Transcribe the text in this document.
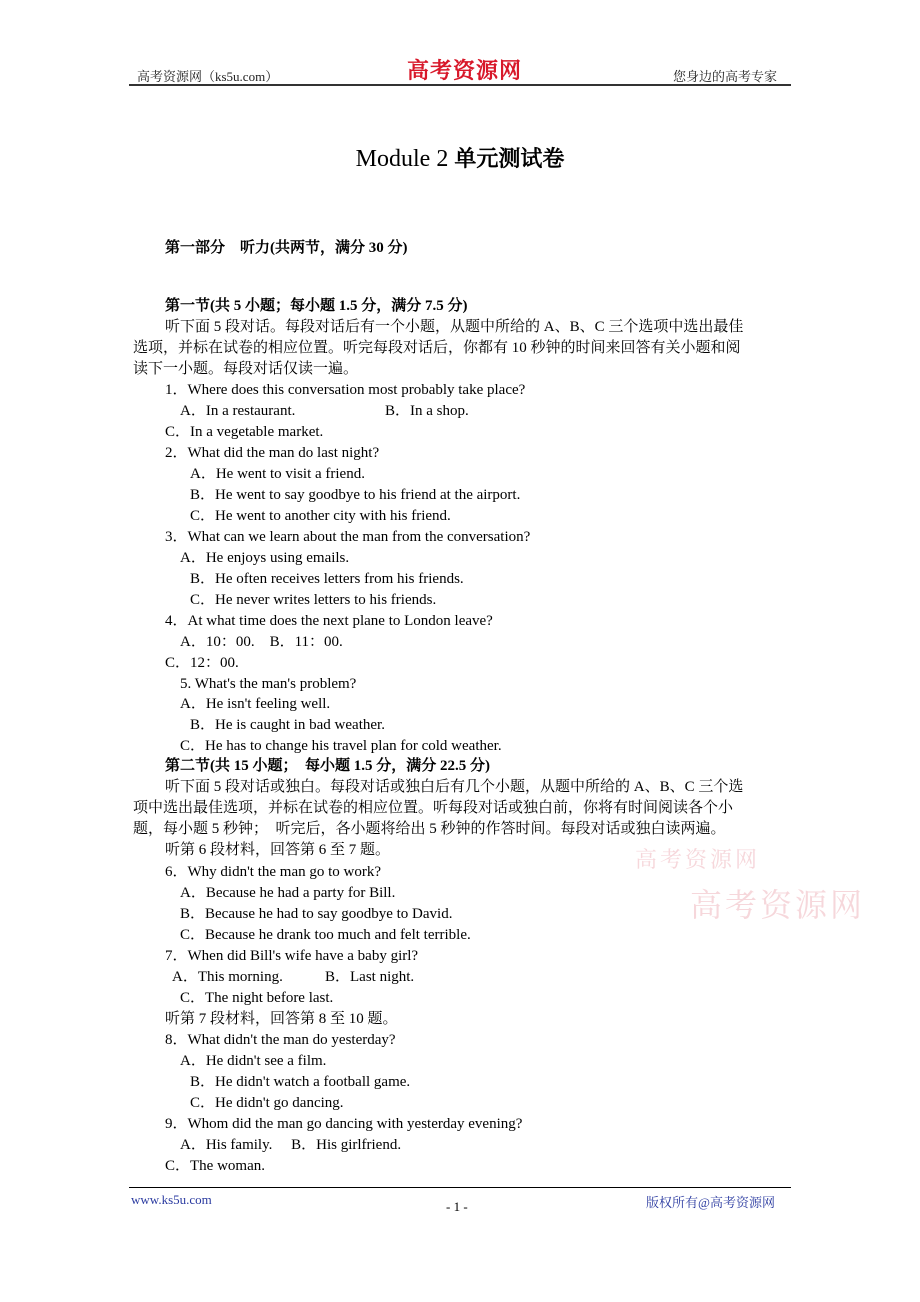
高考资源网（ks5u.com）	高考资源网	您身边的高考专家
Module 2 单元测试卷
第一部分　听力(共两节，满分 30 分)
第一节(共 5 小题；每小题 1.5 分，满分 7.5 分)
听下面 5 段对话。每段对话后有一个小题，从题中所给的 A、B、C 三个选项中选出最佳
选项，并标在试卷的相应位置。听完每段对话后，你都有 10 秒钟的时间来回答有关小题和阅
读下一小题。每段对话仅读一遍。
1．Where does this conversation most probably take place?
A．In a restaurant.	B．In a shop.
C．In a vegetable market.
2．What did the man do last night?
A．He went to visit a friend.
B．He went to say goodbye to his friend at the airport.
C．He went to another city with his friend.
3．What can we learn about the man from the conversation?
A．He enjoys using emails.
B．He often receives letters from his friends.
C．He never writes letters to his friends.
4．At what time does the next plane to London leave?
A．10：00.　B．11：00.
C．12：00.
5. What's the man's problem?
A．He isn't feeling well.
B．He is caught in bad weather.
C．He has to change his travel plan for cold weather.
第二节(共 15 小题；　每小题 1.5 分，满分 22.5 分)
听下面 5 段对话或独白。每段对话或独白后有几个小题，从题中所给的 A、B、C 三个选
项中选出最佳选项，并标在试卷的相应位置。听每段对话或独白前，你将有时间阅读各个小
题，每小题 5 秒钟；　听完后，各小题将给出 5 秒钟的作答时间。每段对话或独白读两遍。
听第 6 段材料，回答第 6 至 7 题。
6．Why didn't the man go to work?
A．Because he had a party for Bill.
B．Because he had to say goodbye to David.
C．Because he drank too much and felt terrible.
7．When did Bill's wife have a baby girl?
A．This morning.	B．Last night.
C．The night before last.
听第 7 段材料，回答第 8 至 10 题。
8．What didn't the man do yesterday?
A．He didn't see a film.
B．He didn't watch a football game.
C．He didn't go dancing.
9．Whom did the man go dancing with yesterday evening?
A．His family.　 B．His girlfriend.
C．The woman.
高考资源网
高考资源网
www.ks5u.com	- 1 -	版权所有@高考资源网
